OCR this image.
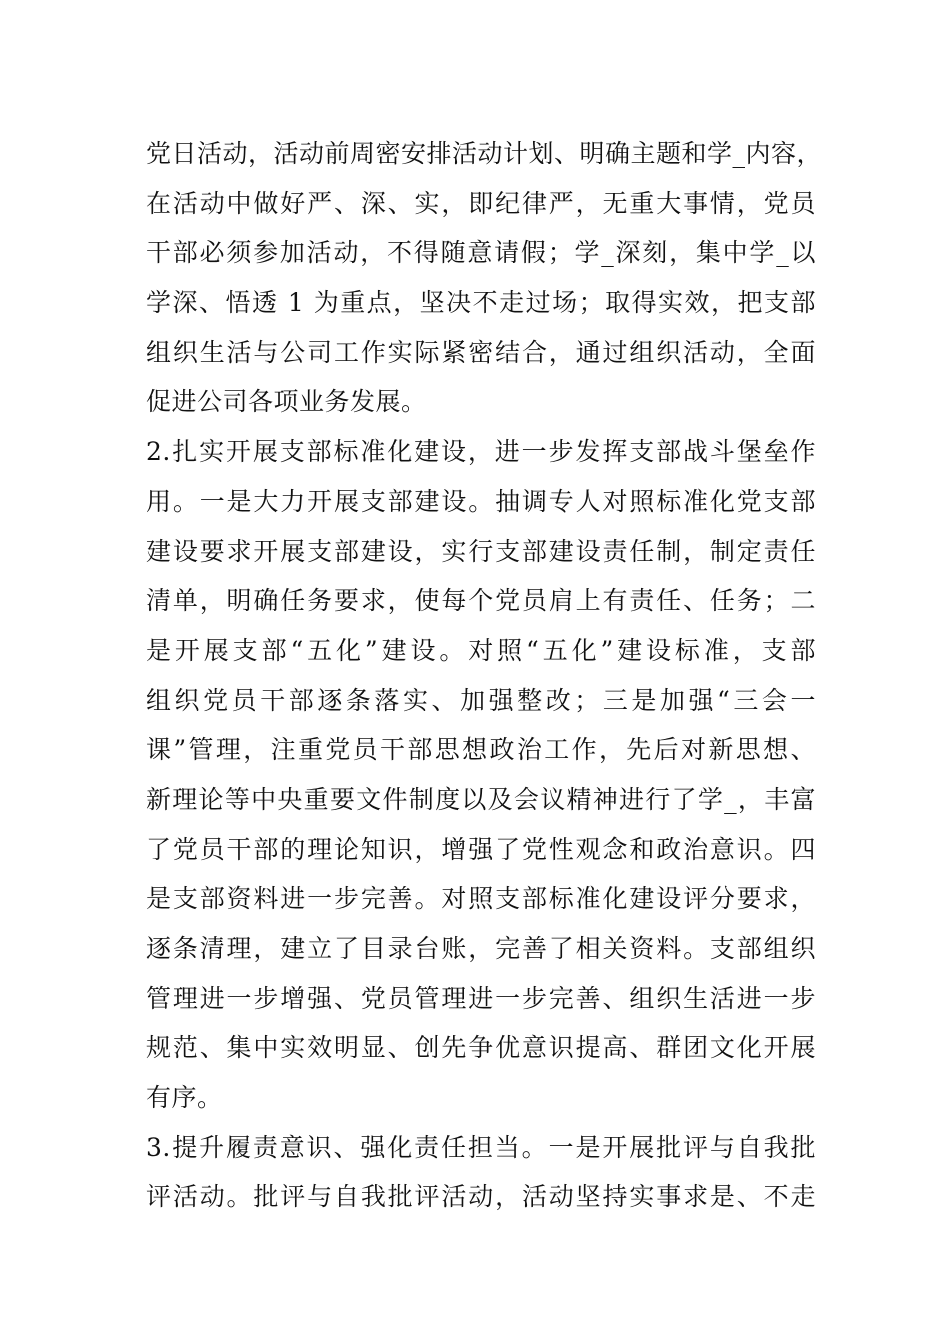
党日活动，活动前周密安排活动计划、明确主题和学_内容，
在活动中做好严、深、实，即纪律严，无重大事情，党员
干部必须参加活动，不得随意请假；学_深刻，集中学_以
学深、悟透 1 为重点，坚决不走过场；取得实效，把支部
组织生活与公司工作实际紧密结合，通过组织活动，全面
促进公司各项业务发展。
2.扎实开展支部标准化建设，进一步发挥支部战斗堡垒作
用。一是大力开展支部建设。抽调专人对照标准化党支部
建设要求开展支部建设，实行支部建设责任制，制定责任
清单，明确任务要求，使每个党员肩上有责任、任务；二
是开展支部“五化”建设。对照“五化”建设标准，支部
组织党员干部逐条落实、加强整改；三是加强“三会一
课”管理，注重党员干部思想政治工作，先后对新思想、
新理论等中央重要文件制度以及会议精神进行了学_，丰富
了党员干部的理论知识，增强了党性观念和政治意识。四
是支部资料进一步完善。对照支部标准化建设评分要求，
逐条清理，建立了目录台账，完善了相关资料。支部组织
管理进一步增强、党员管理进一步完善、组织生活进一步
规范、集中实效明显、创先争优意识提高、群团文化开展
有序。
3.提升履责意识、强化责任担当。一是开展批评与自我批
评活动。批评与自我批评活动，活动坚持实事求是、不走
